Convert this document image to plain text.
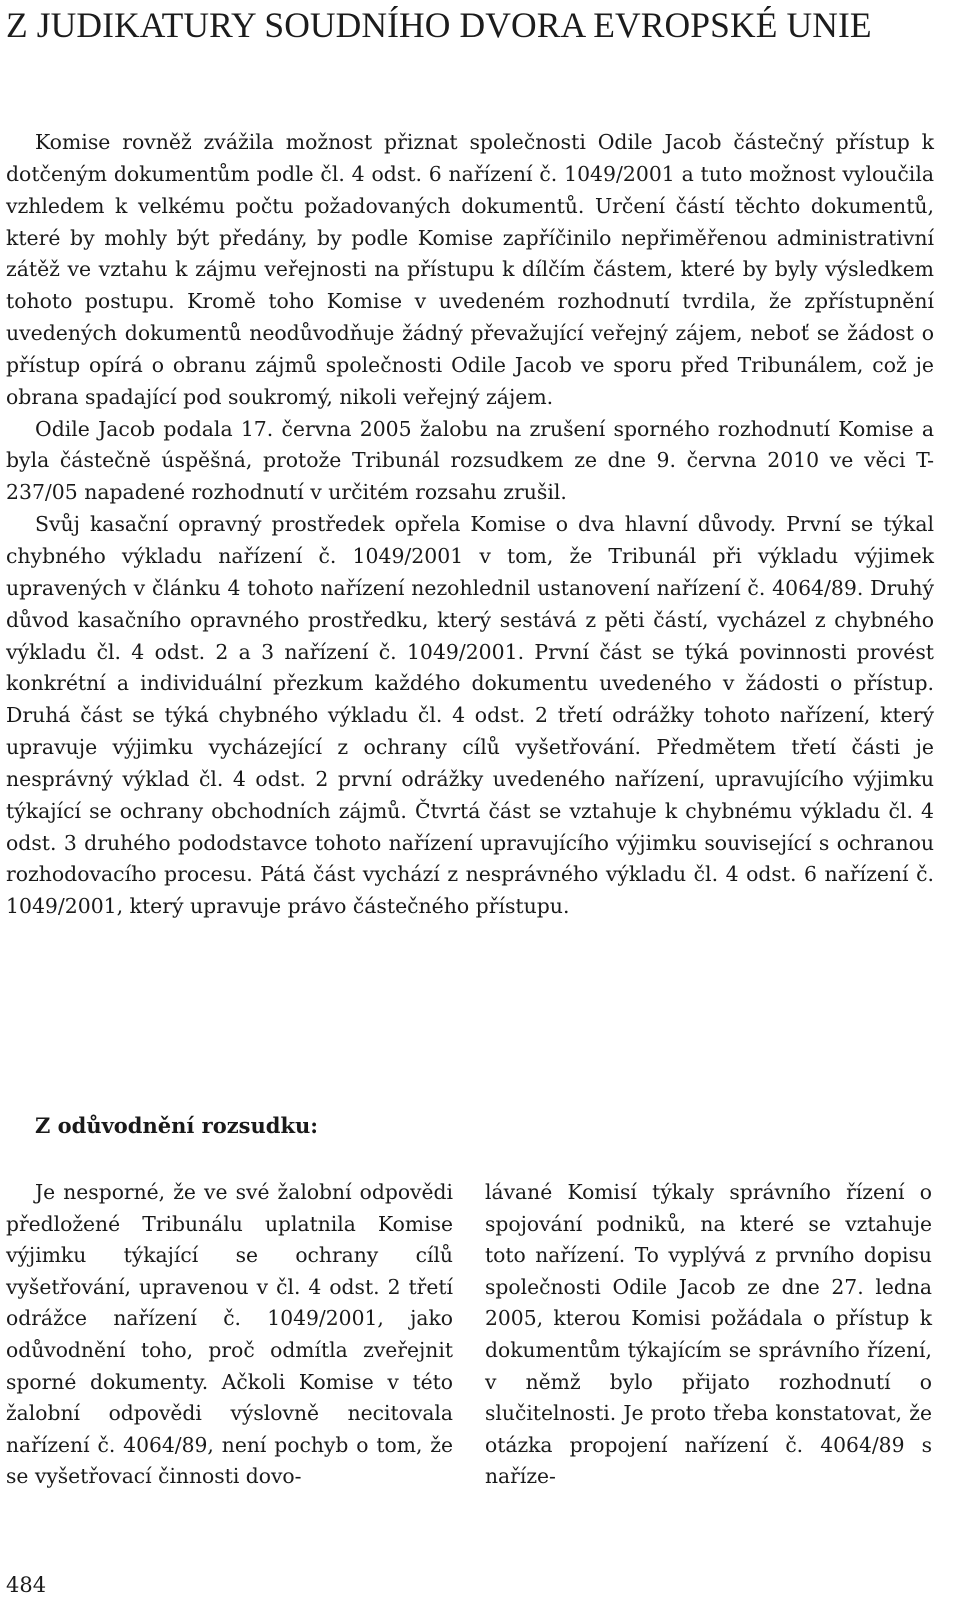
Z JUDIKATURY SOUDNÍHO DVORA EVROPSKÉ UNIE

Komise rovněž zvážila možnost přiznat společnosti Odile Jacob částečný přístup k dotčeným dokumentům podle čl. 4 odst. 6 nařízení č. 1049/2001 a tuto možnost vyloučila vzhledem k velkému počtu požadovaných dokumentů. Určení částí těchto dokumentů, které by mohly být předány, by podle Komise zapříčinilo nepřiměřenou administrativní zátěž ve vztahu k zájmu veřejnosti na přístupu k dílčím částem, které by byly výsledkem tohoto postupu. Kromě toho Komise v uvedeném rozhodnutí tvrdila, že zpřístupnění uvedených dokumentů neodůvodňuje žádný převažující veřejný zájem, neboť se žádost o přístup opírá o obranu zájmů společnosti Odile Jacob ve sporu před Tribunálem, což je obrana spadající pod soukromý, nikoli veřejný zájem.

Odile Jacob podala 17. června 2005 žalobu na zrušení sporného rozhodnutí Komise a byla částečně úspěšná, protože Tribunál rozsudkem ze dne 9. června 2010 ve věci T-237/05 napadené rozhodnutí v určitém rozsahu zrušil.

Svůj kasační opravný prostředek opřela Komise o dva hlavní důvody. První se týkal chybného výkladu nařízení č. 1049/2001 v tom, že Tribunál při výkladu výjimek upravených v článku 4 tohoto nařízení nezohlednil ustanovení nařízení č. 4064/89. Druhý důvod kasačního opravného prostředku, který sestává z pěti částí, vycházel z chybného výkladu čl. 4 odst. 2 a 3 nařízení č. 1049/2001. První část se týká povinnosti provést konkrétní a individuální přezkum každého dokumentu uvedeného v žádosti o přístup. Druhá část se týká chybného výkladu čl. 4 odst. 2 třetí odrážky tohoto nařízení, který upravuje výjimku vycházející z ochrany cílů vyšetřování. Předmětem třetí části je nesprávný výklad čl. 4 odst. 2 první odrážky uvedeného nařízení, upravujícího výjimku týkající se ochrany obchodních zájmů. Čtvrtá část se vztahuje k chybnému výkladu čl. 4 odst. 3 druhého pododstavce tohoto nařízení upravujícího výjimku související s ochranou rozhodovacího procesu. Pátá část vychází z nesprávného výkladu čl. 4 odst. 6 nařízení č. 1049/2001, který upravuje právo částečného přístupu.

Z odůvodnění rozsudku:

Je nesporné, že ve své žalobní odpovědi předložené Tribunálu uplatnila Komise výjimku týkající se ochrany cílů vyšetřování, upravenou v čl. 4 odst. 2 třetí odrážce nařízení č. 1049/2001, jako odůvodnění toho, proč odmítla zveřejnit sporné dokumenty. Ačkoli Komise v této žalobní odpovědi výslovně necitovala nařízení č. 4064/89, není pochyb o tom, že se vyšetřovací činnosti dovo-

lávané Komisí týkaly správního řízení o spojování podniků, na které se vztahuje toto nařízení. To vyplývá z prvního dopisu společnosti Odile Jacob ze dne 27. ledna 2005, kterou Komisi požádala o přístup k dokumentům týkajícím se správního řízení, v němž bylo přijato rozhodnutí o slučitelnosti. Je proto třeba konstatovat, že otázka propojení nařízení č. 4064/89 s naříze-

484
